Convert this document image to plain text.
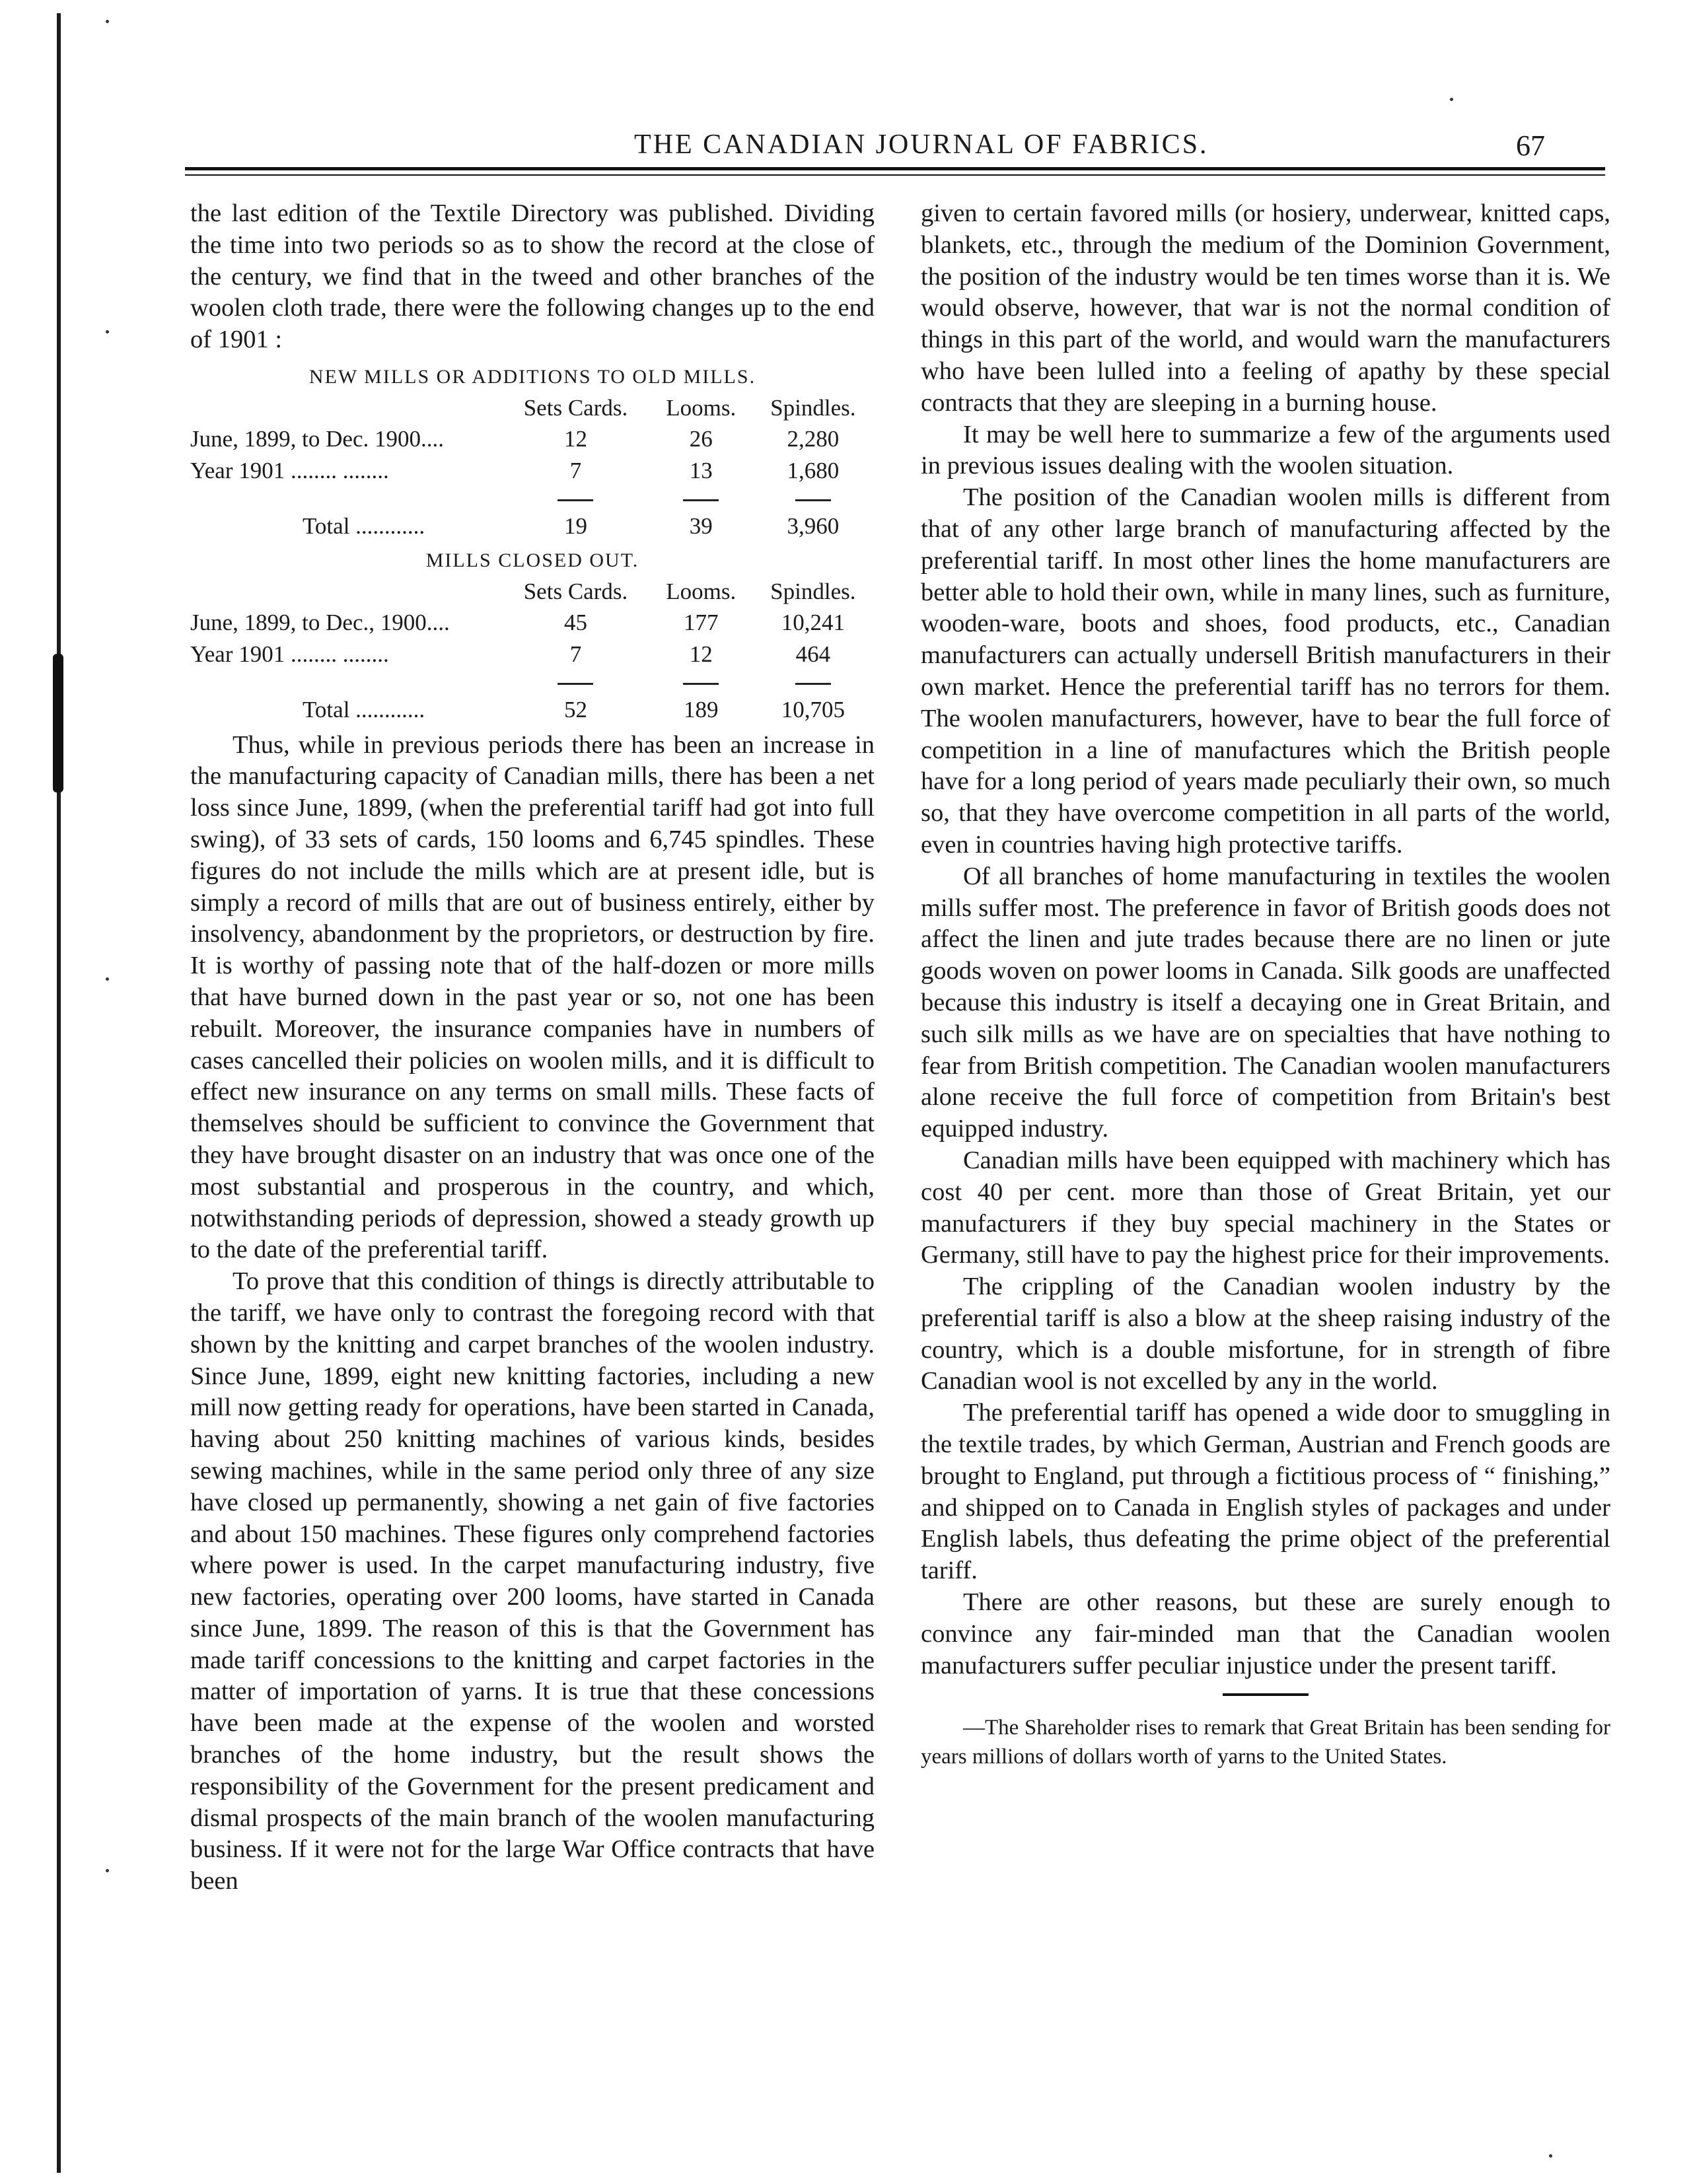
THE CANADIAN JOURNAL OF FABRICS.	67

the last edition of the Textile Directory was published. Dividing the time into two periods so as to show the record at the close of the century, we find that in the tweed and other branches of the woolen cloth trade, there were the following changes up to the end of 1901 :

NEW MILLS OR ADDITIONS TO OLD MILLS.

	Sets Cards.	Looms.	Spindles.
June, 1899, to Dec. 1900....	12	26	2,280
Year 1901 ........ ........	7	13	1,680

Total ............	19	39	3,960

MILLS CLOSED OUT.

	Sets Cards.	Looms.	Spindles.
June, 1899, to Dec., 1900....	45	177	10,241
Year 1901 ........ ........	7	12	464

Total ............	52	189	10,705

Thus, while in previous periods there has been an increase in the manufacturing capacity of Canadian mills, there has been a net loss since June, 1899, (when the preferential tariff had got into full swing), of 33 sets of cards, 150 looms and 6,745 spindles. These figures do not include the mills which are at present idle, but is simply a record of mills that are out of business entirely, either by insolvency, abandonment by the proprietors, or destruction by fire. It is worthy of passing note that of the half-dozen or more mills that have burned down in the past year or so, not one has been rebuilt. Moreover, the insurance companies have in numbers of cases cancelled their policies on woolen mills, and it is difficult to effect new insurance on any terms on small mills. These facts of themselves should be sufficient to convince the Government that they have brought disaster on an industry that was once one of the most substantial and prosperous in the country, and which, notwithstanding periods of depression, showed a steady growth up to the date of the preferential tariff.

To prove that this condition of things is directly attributable to the tariff, we have only to contrast the foregoing record with that shown by the knitting and carpet branches of the woolen industry. Since June, 1899, eight new knitting factories, including a new mill now getting ready for operations, have been started in Canada, having about 250 knitting machines of various kinds, besides sewing machines, while in the same period only three of any size have closed up permanently, showing a net gain of five factories and about 150 machines. These figures only comprehend factories where power is used. In the carpet manufacturing industry, five new factories, operating over 200 looms, have started in Canada since June, 1899. The reason of this is that the Government has made tariff concessions to the knitting and carpet factories in the matter of importation of yarns. It is true that these concessions have been made at the expense of the woolen and worsted branches of the home industry, but the result shows the responsibility of the Government for the present predicament and dismal prospects of the main branch of the woolen manufacturing business. If it were not for the large War Office contracts that have been

given to certain favored mills (or hosiery, underwear, knitted caps, blankets, etc., through the medium of the Dominion Government, the position of the industry would be ten times worse than it is. We would observe, however, that war is not the normal condition of things in this part of the world, and would warn the manufacturers who have been lulled into a feeling of apathy by these special contracts that they are sleeping in a burning house.

It may be well here to summarize a few of the arguments used in previous issues dealing with the woolen situation.

The position of the Canadian woolen mills is different from that of any other large branch of manufacturing affected by the preferential tariff. In most other lines the home manufacturers are better able to hold their own, while in many lines, such as furniture, wooden-ware, boots and shoes, food products, etc., Canadian manufacturers can actually undersell British manufacturers in their own market. Hence the preferential tariff has no terrors for them. The woolen manufacturers, however, have to bear the full force of competition in a line of manufactures which the British people have for a long period of years made peculiarly their own, so much so, that they have overcome competition in all parts of the world, even in countries having high protective tariffs.

Of all branches of home manufacturing in textiles the woolen mills suffer most. The preference in favor of British goods does not affect the linen and jute trades because there are no linen or jute goods woven on power looms in Canada. Silk goods are unaffected because this industry is itself a decaying one in Great Britain, and such silk mills as we have are on specialties that have nothing to fear from British competition. The Canadian woolen manufacturers alone receive the full force of competition from Britain's best equipped industry.

Canadian mills have been equipped with machinery which has cost 40 per cent. more than those of Great Britain, yet our manufacturers if they buy special machinery in the States or Germany, still have to pay the highest price for their improvements.

The crippling of the Canadian woolen industry by the preferential tariff is also a blow at the sheep raising industry of the country, which is a double misfortune, for in strength of fibre Canadian wool is not excelled by any in the world.

The preferential tariff has opened a wide door to smuggling in the textile trades, by which German, Austrian and French goods are brought to England, put through a fictitious process of “ finishing,” and shipped on to Canada in English styles of packages and under English labels, thus defeating the prime object of the preferential tariff.

There are other reasons, but these are surely enough to convince any fair-minded man that the Canadian woolen manufacturers suffer peculiar injustice under the present tariff.

—The Shareholder rises to remark that Great Britain has been sending for years millions of dollars worth of yarns to the United States.
